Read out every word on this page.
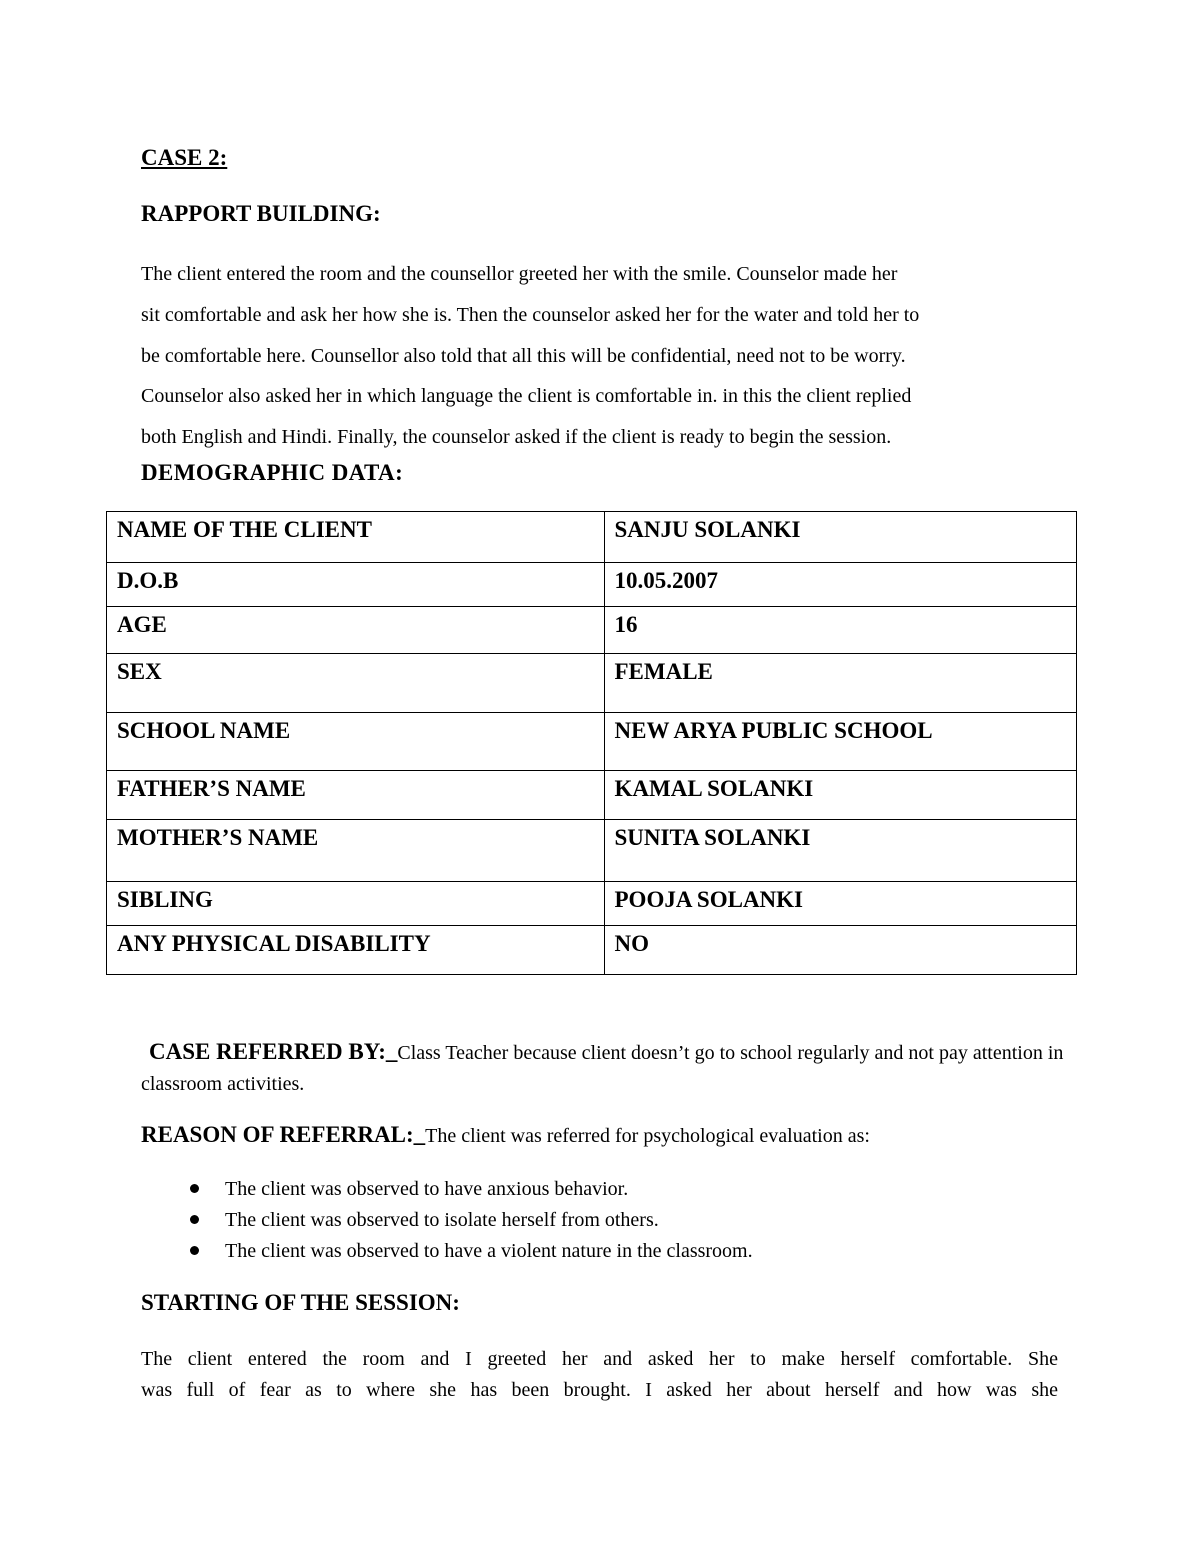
CASE 2:

RAPPORT BUILDING:

The client entered the room and the counsellor greeted her with the smile. Counselor made her
sit comfortable and ask her how she is. Then the counselor asked her for the water and told her to
be comfortable here. Counsellor also told that all this will be confidential, need not to be worry.
Counselor also asked her in which language the client is comfortable in. in this the client replied
both English and Hindi. Finally, the counselor asked if the client is ready to begin the session.

DEMOGRAPHIC DATA:

NAME OF THE CLIENT	SANJU SOLANKI
D.O.B	10.05.2007
AGE	16
SEX	FEMALE
SCHOOL NAME	NEW ARYA PUBLIC SCHOOL
FATHER’S NAME	KAMAL SOLANKI
MOTHER’S NAME	SUNITA SOLANKI
SIBLING	POOJA SOLANKI
ANY PHYSICAL DISABILITY	NO

CASE REFERRED BY:_Class Teacher because client doesn’t go to school regularly and not pay attention in classroom activities.

REASON OF REFERRAL:_The client was referred for psychological evaluation as:

The client was observed to have anxious behavior.
The client was observed to isolate herself from others.
The client was observed to have a violent nature in the classroom.

STARTING OF THE SESSION:

The client entered the room and I greeted her and asked her to make herself comfortable. She
was full of fear as to where she has been brought. I asked her about herself and how was she
